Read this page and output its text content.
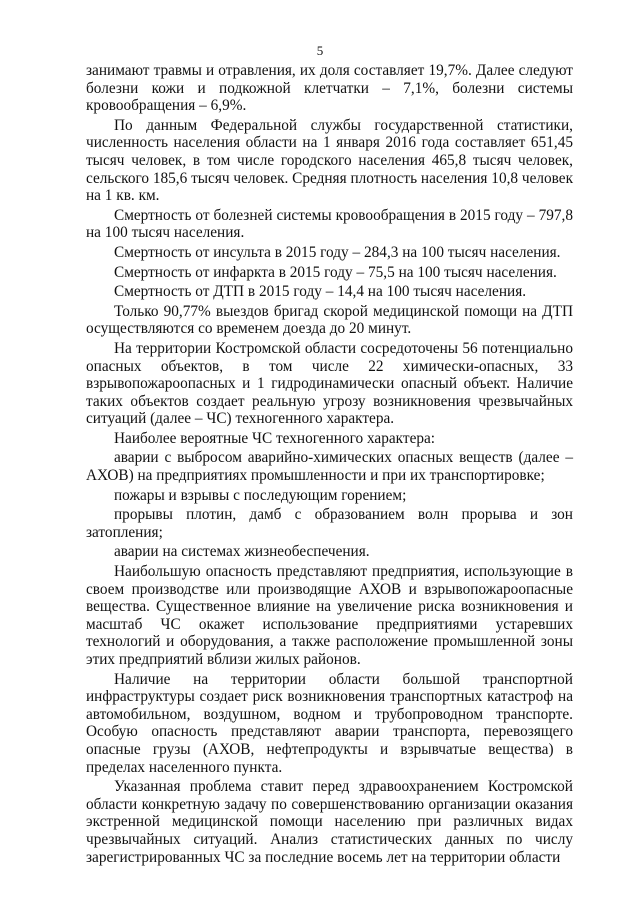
5

занимают травмы и отравления, их доля составляет 19,7%. Далее следуют болезни кожи и подкожной клетчатки – 7,1%, болезни системы кровообращения – 6,9%.

По данным Федеральной службы государственной статистики, численность населения области на 1 января 2016 года составляет 651,45 тысяч человек, в том числе городского населения 465,8 тысяч человек, сельского 185,6 тысяч человек. Средняя плотность населения 10,8 человек на 1 кв. км.

Смертность от болезней системы кровообращения в 2015 году – 797,8 на 100 тысяч населения.

Смертность от инсульта в 2015 году – 284,3 на 100 тысяч населения.

Смертность от инфаркта в 2015 году – 75,5 на 100 тысяч населения.

Смертность от ДТП в 2015 году – 14,4 на 100 тысяч населения.

Только 90,77% выездов бригад скорой медицинской помощи на ДТП осуществляются со временем доезда до 20 минут.

На территории Костромской области сосредоточены 56 потенциально опасных объектов, в том числе 22 химически-опасных, 33 взрывопожароопасных и 1 гидродинамически опасный объект. Наличие таких объектов создает реальную угрозу возникновения чрезвычайных ситуаций (далее – ЧС) техногенного характера.

Наиболее вероятные ЧС техногенного характера:

аварии с выбросом аварийно-химических опасных веществ (далее – АХОВ) на предприятиях промышленности и при их транспортировке;

пожары и взрывы с последующим горением;

прорывы плотин, дамб с образованием волн прорыва и зон затопления;

аварии на системах жизнеобеспечения.

Наибольшую опасность представляют предприятия, использующие в своем производстве или производящие АХОВ и взрывопожароопасные вещества. Существенное влияние на увеличение риска возникновения и масштаб ЧС окажет использование предприятиями устаревших технологий и оборудования, а также расположение промышленной зоны этих предприятий вблизи жилых районов.

Наличие на территории области большой транспортной инфраструктуры создает риск возникновения транспортных катастроф на автомобильном, воздушном, водном и трубопроводном транспорте. Особую опасность представляют аварии транспорта, перевозящего опасные грузы (АХОВ, нефтепродукты и взрывчатые вещества) в пределах населенного пункта.

Указанная проблема ставит перед здравоохранением Костромской области конкретную задачу по совершенствованию организации оказания экстренной медицинской помощи населению при различных видах чрезвычайных ситуаций. Анализ статистических данных по числу зарегистрированных ЧС за последние восемь лет на территории области
